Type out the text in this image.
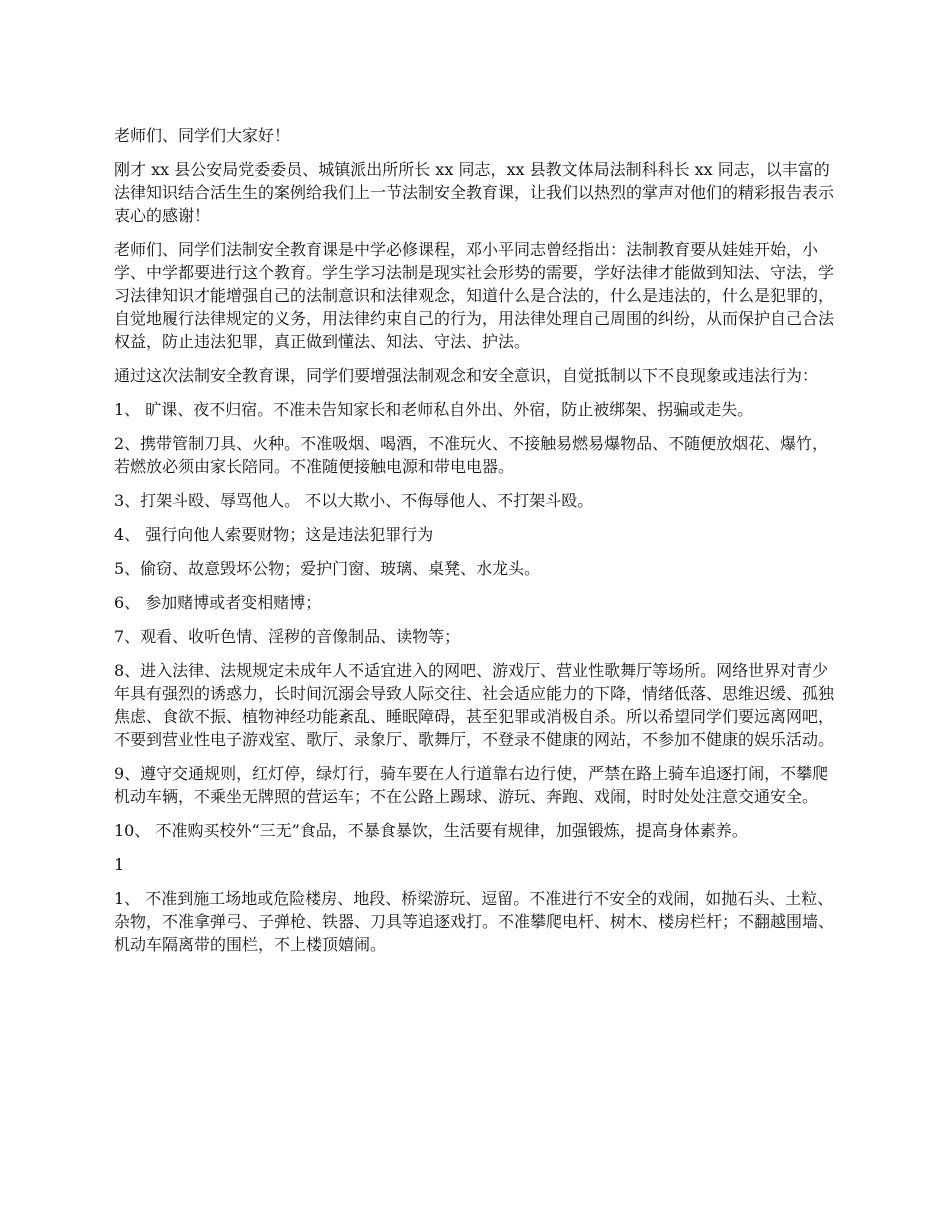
老师们、同学们大家好！

刚才 xx 县公安局党委委员、城镇派出所所长 xx 同志，xx 县教文体局法制科科长 xx 同志，以丰富的法律知识结合活生生的案例给我们上一节法制安全教育课，让我们以热烈的掌声对他们的精彩报告表示衷心的感谢！

老师们、同学们法制安全教育课是中学必修课程，邓小平同志曾经指出：法制教育要从娃娃开始，小学、中学都要进行这个教育。学生学习法制是现实社会形势的需要，学好法律才能做到知法、守法，学习法律知识才能增强自己的法制意识和法律观念，知道什么是合法的，什么是违法的，什么是犯罪的，自觉地履行法律规定的义务，用法律约束自己的行为，用法律处理自己周围的纠纷，从而保护自己合法权益，防止违法犯罪，真正做到懂法、知法、守法、护法。

通过这次法制安全教育课，同学们要增强法制观念和安全意识，自觉抵制以下不良现象或违法行为：

1、 旷课、夜不归宿。不准未告知家长和老师私自外出、外宿，防止被绑架、拐骗或走失。

2、携带管制刀具、火种。不准吸烟、喝酒，不准玩火、不接触易燃易爆物品、不随便放烟花、爆竹，若燃放必须由家长陪同。不准随便接触电源和带电电器。

3、打架斗殴、辱骂他人。 不以大欺小、不侮辱他人、不打架斗殴。

4、 强行向他人索要财物；这是违法犯罪行为

5、偷窃、故意毁坏公物；爱护门窗、玻璃、桌凳、水龙头。

6、 参加赌博或者变相赌博；

7、观看、收听色情、淫秽的音像制品、读物等；

8、进入法律、法规规定未成年人不适宜进入的网吧、游戏厅、营业性歌舞厅等场所。网络世界对青少年具有强烈的诱惑力，长时间沉溺会导致人际交往、社会适应能力的下降，情绪低落、思维迟缓、孤独焦虑、食欲不振、植物神经功能紊乱、睡眠障碍，甚至犯罪或消极自杀。所以希望同学们要远离网吧，不要到营业性电子游戏室、歌厅、录象厅、歌舞厅，不登录不健康的网站，不参加不健康的娱乐活动。

9、遵守交通规则，红灯停，绿灯行，骑车要在人行道靠右边行使，严禁在路上骑车追逐打闹，不攀爬机动车辆，不乘坐无牌照的营运车；不在公路上踢球、游玩、奔跑、戏闹，时时处处注意交通安全。

10、 不准购买校外“三无”食品，不暴食暴饮，生活要有规律，加强锻炼，提高身体素养。

1

1、 不准到施工场地或危险楼房、地段、桥梁游玩、逗留。不准进行不安全的戏闹，如抛石头、土粒、杂物，不准拿弹弓、子弹枪、铁器、刀具等追逐戏打。不准攀爬电杆、树木、楼房栏杆；不翻越围墙、机动车隔离带的围栏，不上楼顶嬉闹。
